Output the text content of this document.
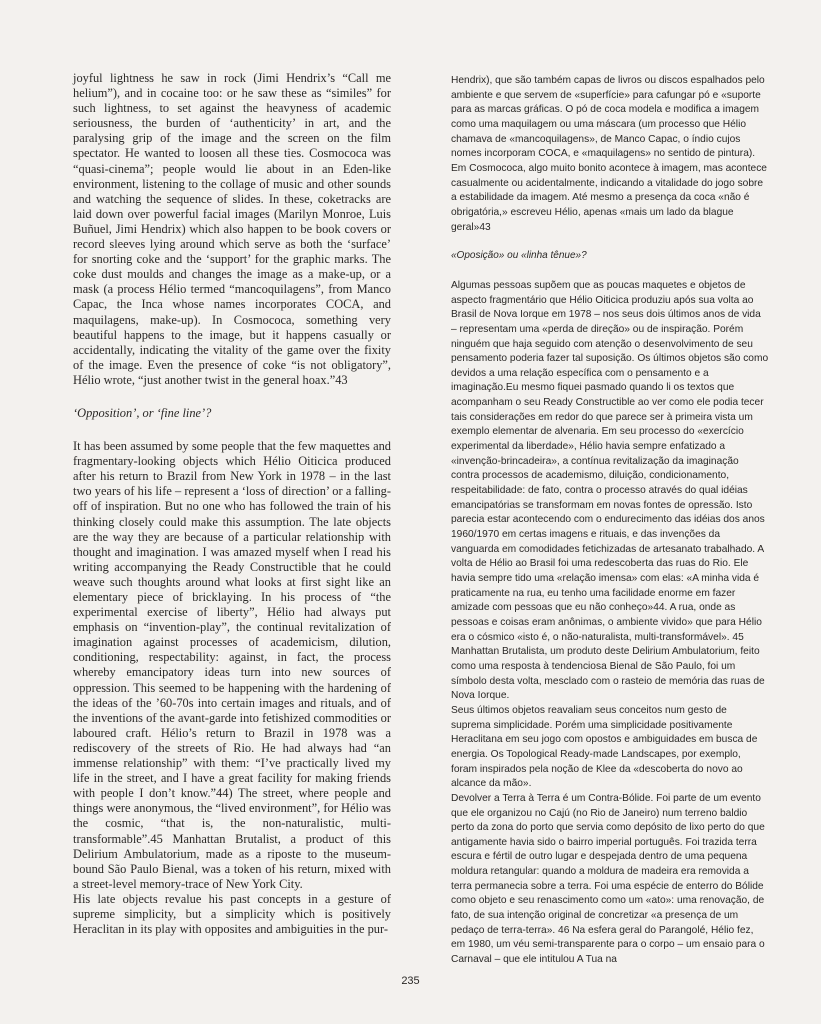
joyful lightness he saw in rock (Jimi Hendrix’s “Call me helium”), and in cocaine too: or he saw these as “similes” for such lightness, to set against the heavyness of academic seriousness, the burden of ‘authenticity’ in art, and the paralysing grip of the image and the screen on the film spectator. He wanted to loosen all these ties. Cosmococa was “quasi-cinema”; people would lie about in an Eden-like environment, listening to the collage of music and other sounds and watching the sequence of slides. In these, coketracks are laid down over powerful facial images (Marilyn Monroe, Luis Buñuel, Jimi Hendrix) which also happen to be book covers or record sleeves lying around which serve as both the ‘surface’ for snorting coke and the ‘support’ for the graphic marks. The coke dust moulds and changes the image as a make-up, or a mask (a process Hélio termed “mancoquilagens”, from Manco Capac, the Inca whose names incorporates COCA, and maquilagens, make-up). In Cosmococa, something very beautiful happens to the image, but it happens casually or accidentally, indicating the vitality of the game over the fixity of the image. Even the presence of coke “is not obligatory”, Hélio wrote, “just another twist in the general hoax.”43

‘Opposition’, or ‘fine line’?

It has been assumed by some people that the few maquettes and fragmentary-looking objects which Hélio Oiticica produced after his return to Brazil from New York in 1978 – in the last two years of his life – represent a ‘loss of direction’ or a falling-off of inspiration. But no one who has followed the train of his thinking closely could make this assumption. The late objects are the way they are because of a particular relationship with thought and imagination. I was amazed myself when I read his writing accompanying the Ready Constructible that he could weave such thoughts around what looks at first sight like an elementary piece of bricklaying. In his process of “the experimental exercise of liberty”, Hélio had always put emphasis on “invention-play”, the continual revitalization of imagination against processes of academicism, dilution, conditioning, respectability: against, in fact, the process whereby emancipatory ideas turn into new sources of oppression. This seemed to be happening with the hardening of the ideas of the ’60-70s into certain images and rituals, and of the inventions of the avant-garde into fetishized commodities or laboured craft. Hélio’s return to Brazil in 1978 was a rediscovery of the streets of Rio. He had always had “an immense relationship” with them: “I’ve practically lived my life in the street, and I have a great facility for making friends with people I don’t know.”44) The street, where people and things were anonymous, the “lived environment”, for Hélio was the cosmic, “that is, the non-naturalistic, multi-transformable”.45 Manhattan Brutalist, a product of this Delirium Ambulatorium, made as a riposte to the museum-bound São Paulo Bienal, was a token of his return, mixed with a street-level memory-trace of New York City.

His late objects revalue his past concepts in a gesture of supreme simplicity, but a simplicity which is positively Heraclitan in its play with opposites and ambiguities in the pur-

Hendrix), que são também capas de livros ou discos espalhados pelo ambiente e que servem de «superfície» para cafungar pó e «suporte para as marcas gráficas. O pó de coca modela e modifica a imagem como uma maquilagem ou uma máscara (um processo que Hélio chamava de «mancoquilagens», de Manco Capac, o índio cujos nomes incorporam COCA, e «maquilagens» no sentido de pintura). Em Cosmococa, algo muito bonito acontece à imagem, mas acontece casualmente ou acidentalmente, indicando a vitalidade do jogo sobre a estabilidade da imagem. Até mesmo a presença da coca «não é obrigatória,» escreveu Hélio, apenas «mais um lado da blague geral»43

«Oposição» ou «linha tênue»?

Algumas pessoas supõem que as poucas maquetes e objetos de aspecto fragmentário que Hélio Oiticica produziu após sua volta ao Brasil de Nova Iorque em 1978 – nos seus dois últimos anos de vida – representam uma «perda de direção» ou de inspiração. Porém ninguém que haja seguido com atenção o desenvolvimento de seu pensamento poderia fazer tal suposição. Os últimos objetos são como devidos a uma relação específica com o pensamento e a imaginação.Eu mesmo fiquei pasmado quando li os textos que acompanham o seu Ready Constructible ao ver como ele podia tecer tais considerações em redor do que parece ser à primeira vista um exemplo elementar de alvenaria. Em seu processo do «exercício experimental da liberdade», Hélio havia sempre enfatizado a «invenção-brincadeira», a contínua revitalização da imaginação contra processos de academismo, diluição, condicionamento, respeitabilidade: de fato, contra o processo através do qual idéias emancipatórias se transformam em novas fontes de opressão. Isto parecia estar acontecendo com o endurecimento das idéias dos anos 1960/1970 em certas imagens e rituais, e das invenções da vanguarda em comodidades fetichizadas de artesanato trabalhado. A volta de Hélio ao Brasil foi uma redescoberta das ruas do Rio. Ele havia sempre tido uma «relação imensa» com elas: «A minha vida é praticamente na rua, eu tenho uma facilidade enorme em fazer amizade com pessoas que eu não conheço»44. A rua, onde as pessoas e coisas eram anônimas, o ambiente vivido» que para Hélio era o cósmico «isto é, o não-naturalista, multi-transformável». 45

Manhattan Brutalista, um produto deste Delirium Ambulatorium, feito como uma resposta à tendenciosa Bienal de São Paulo, foi um símbolo desta volta, mesclado com o rasteio de memória das ruas de Nova Iorque.

Seus últimos objetos reavaliam seus conceitos num gesto de suprema simplicidade. Porém uma simplicidade positivamente Heraclitana em seu jogo com opostos e ambiguidades em busca de energia. Os Topological Ready-made Landscapes, por exemplo, foram inspirados pela noção de Klee da «descoberta do novo ao alcance da mão».

Devolver a Terra à Terra é um Contra-Bólide. Foi parte de um evento que ele organizou no Cajú (no Rio de Janeiro) num terreno baldio perto da zona do porto que servia como depósito de lixo perto do que antigamente havia sido o bairro imperial português. Foi trazida terra escura e fértil de outro lugar e despejada dentro de uma pequena moldura retangular: quando a moldura de madeira era removida a terra permanecia sobre a terra. Foi uma espécie de enterro do Bólide como objeto e seu renascimento como um «ato»: uma renovação, de fato, de sua intenção original de concretizar «a presença de um pedaço de terra-terra». 46 Na esfera geral do Parangolé, Hélio fez, em 1980, um véu semi-transparente para o corpo – um ensaio para o Carnaval – que ele intitulou A Tua na

235
